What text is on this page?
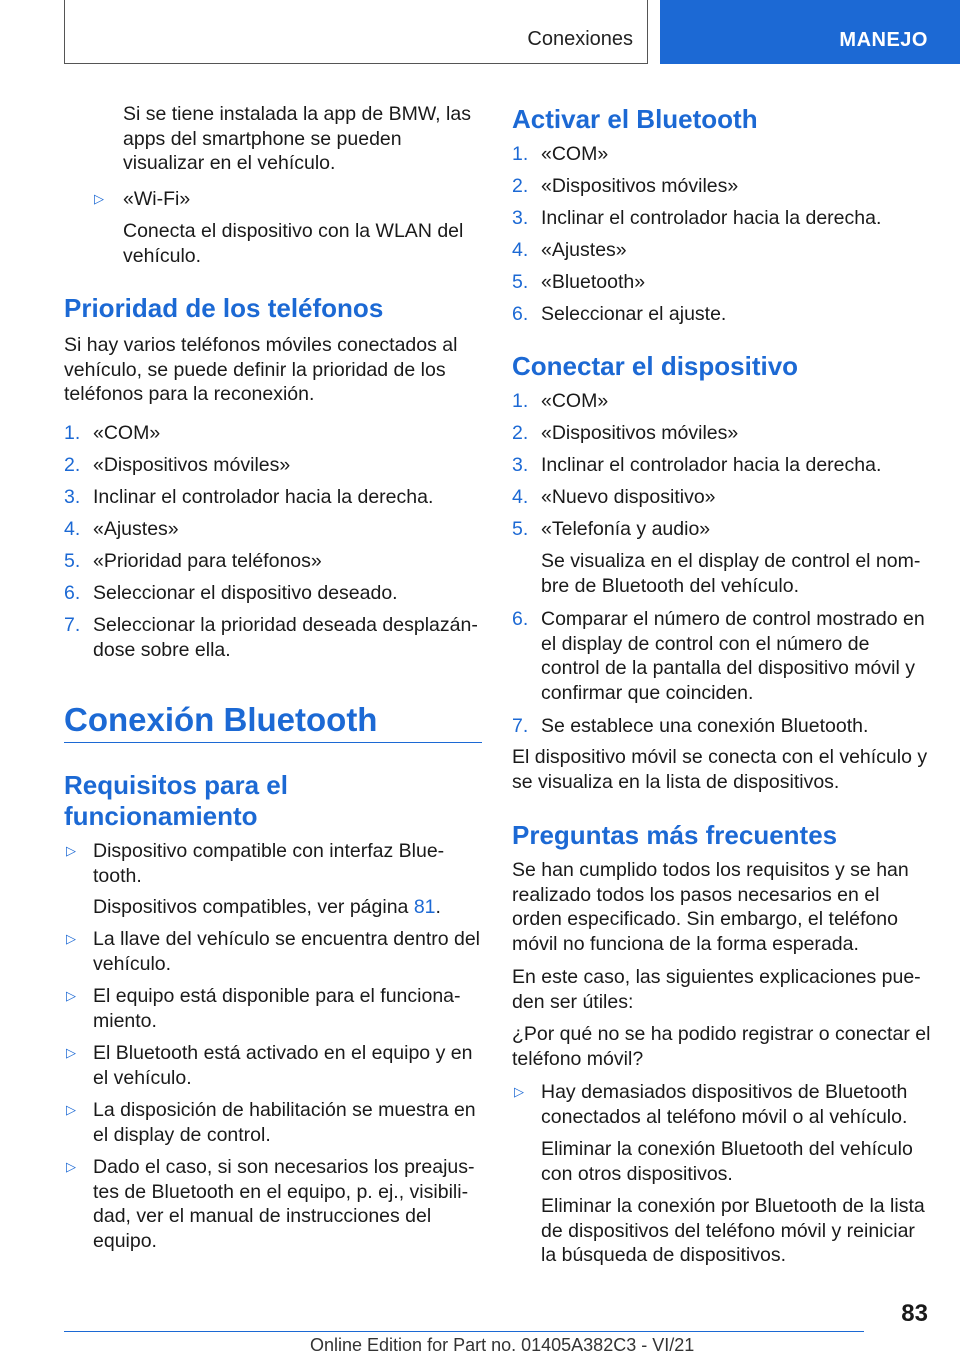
Conexiones	MANEJO
Si se tiene instalada la app de BMW, las apps del smartphone se pueden visualizar en el vehículo.
▷ «Wi-Fi»
Conecta el dispositivo con la WLAN del vehículo.
Prioridad de los teléfonos

Si hay varios teléfonos móviles conectados al vehículo, se puede definir la prioridad de los teléfonos para la reconexión.

1. «COM»
2. «Dispositivos móviles»
3. Inclinar el controlador hacia la derecha.
4. «Ajustes»
5. «Prioridad para teléfonos»
6. Seleccionar el dispositivo deseado.
7. Seleccionar la prioridad deseada desplazándose sobre ella.
Conexión Bluetooth
Requisitos para el funcionamiento
▷ Dispositivo compatible con interfaz Bluetooth.
Dispositivos compatibles, ver página 81.
▷ La llave del vehículo se encuentra dentro del vehículo.
▷ El equipo está disponible para el funcionamiento.
▷ El Bluetooth está activado en el equipo y en el vehículo.
▷ La disposición de habilitación se muestra en el display de control.
▷ Dado el caso, si son necesarios los preajustes de Bluetooth en el equipo, p. ej., visibilidad, ver el manual de instrucciones del equipo.
Activar el Bluetooth
1. «COM»
2. «Dispositivos móviles»
3. Inclinar el controlador hacia la derecha.
4. «Ajustes»
5. «Bluetooth»
6. Seleccionar el ajuste.
Conectar el dispositivo
1. «COM»
2. «Dispositivos móviles»
3. Inclinar el controlador hacia la derecha.
4. «Nuevo dispositivo»
5. «Telefonía y audio»
Se visualiza en el display de control el nombre de Bluetooth del vehículo.
6. Comparar el número de control mostrado en el display de control con el número de control de la pantalla del dispositivo móvil y confirmar que coinciden.
7. Se establece una conexión Bluetooth.

El dispositivo móvil se conecta con el vehículo y se visualiza en la lista de dispositivos.

Preguntas más frecuentes

Se han cumplido todos los requisitos y se han realizado todos los pasos necesarios en el orden especificado. Sin embargo, el teléfono móvil no funciona de la forma esperada.

En este caso, las siguientes explicaciones pueden ser útiles:

¿Por qué no se ha podido registrar o conectar el teléfono móvil?

▷ Hay demasiados dispositivos de Bluetooth conectados al teléfono móvil o al vehículo.
Eliminar la conexión Bluetooth del vehículo con otros dispositivos.
Eliminar la conexión por Bluetooth de la lista de dispositivos del teléfono móvil y reiniciar la búsqueda de dispositivos.
83
Online Edition for Part no. 01405A382C3 - VI/21
